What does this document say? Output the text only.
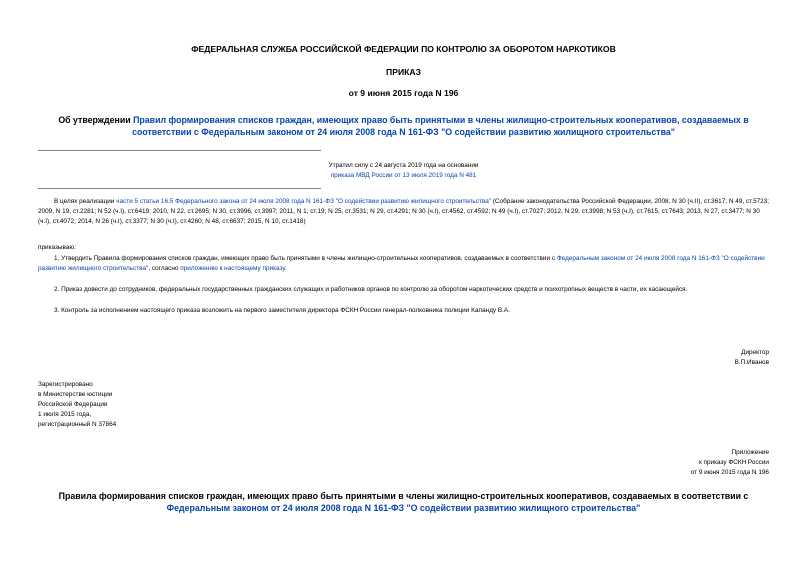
ФЕДЕРАЛЬНАЯ СЛУЖБА РОССИЙСКОЙ ФЕДЕРАЦИИ ПО КОНТРОЛЮ ЗА ОБОРОТОМ НАРКОТИКОВ
ПРИКАЗ
от 9 июня 2015 года N 196
Об утверждении Правил формирования списков граждан, имеющих право быть принятыми в члены жилищно-строительных кооперативов, создаваемых в соответствии с Федеральным законом от 24 июля 2008 года N 161-ФЗ "О содействии развитию жилищного строительства"
Утратил силу с 24 августа 2019 года на основании
приказа МВД России от 13 июля 2019 года N 481
В целях реализации части 5 статьи 16.5 Федерального закона от 24 июля 2008 года N 161-ФЗ "О содействии развитию жилищного строительства" (Собрание законодательства Российской Федерации, 2008, N 30 (ч.II), ст.3617; N 49, ст.5723; 2009, N 19, ст.2281; N 52 (ч.I), ст.6419; 2010, N 22, ст.2695; N 30, ст.3996, ст.3997; 2011, N 1, ст.19; N 25, ст.3531; N 29, ст.4291; N 30 (ч.I), ст.4562, ст.4592; N 49 (ч.I), ст.7027; 2012, N 29, ст.3998; N 53 (ч.I), ст.7615, ст.7643; 2013, N 27, ст.3477; N 30 (ч.I), ст.4072; 2014, N 26 (ч.I), ст.3377; N 30 (ч.I), ст.4260; N 48, ст.6637; 2015, N 10, ст.1418)
приказываю:
1. Утвердить Правила формирования списков граждан, имеющих право быть принятыми в члены жилищно-строительных кооперативов, создаваемых в соответствии с Федеральным законом от 24 июля 2008 года N 161-ФЗ "О содействии развитию жилищного строительства", согласно приложению к настоящему приказу.
2. Приказ довести до сотрудников, федеральных государственных гражданских служащих и работников органов по контролю за оборотом наркотических средств и психотропных веществ в части, их касающейся.
3. Контроль за исполнением настоящего приказа возложить на первого заместителя директора ФСКН России генерал-полковника полиции Каланду В.А.
Директор
В.П.Иванов
Зарегистрировано
в Министерстве юстиции
Российской Федерации
1 июля 2015 года,
регистрационный N 37864
Приложение
к приказу ФСКН России
от 9 июня 2015 года N 196
Правила формирования списков граждан, имеющих право быть принятыми в члены жилищно-строительных кооперативов, создаваемых в соответствии с
Федеральным законом от 24 июля 2008 года N 161-ФЗ "О содействии развитию жилищного строительства"
